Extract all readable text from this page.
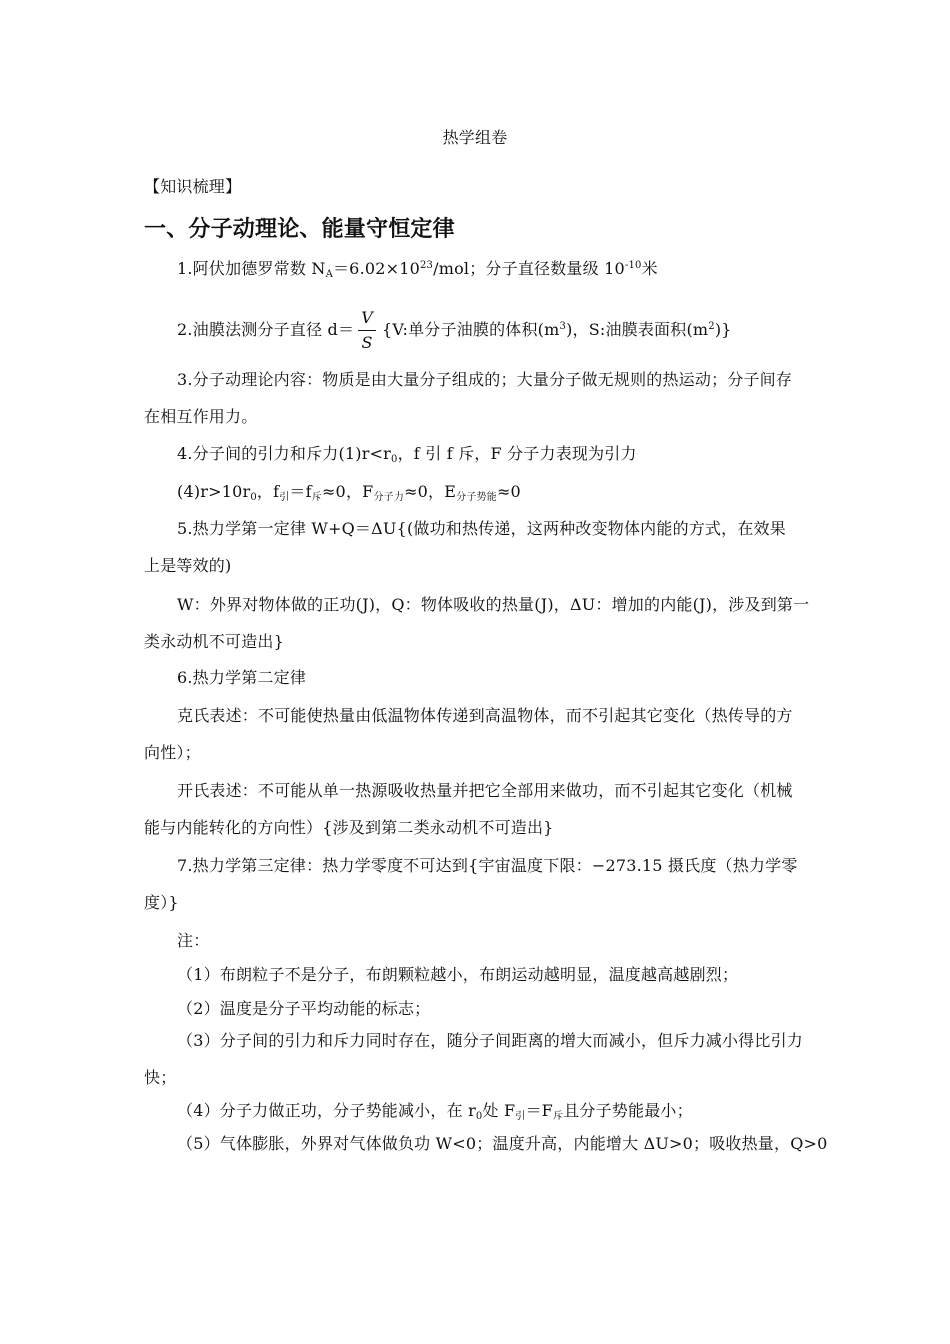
热学组卷
【知识梳理】
一、分子动理论、能量守恒定律
1.阿伏加德罗常数 $N_A=6.02\times 10^{23}$/mol；分子直径数量级 $10^{-10}$米
2.油膜法测分子直径 $d= \frac{V}{S} \{V$:单分子油膜的体积$(m^3)$，S:油膜表面积$(m^2)$}
3.分子动理论内容：物质是由大量分子组成的；大量分子做无规则的热运动；分子间存
在相互作用力。
4.分子间的引力和斥力$(1)r<r_0$，f 引 f 斥，F 分子力表现为引力
$(4)r>10r_0$，$f_引=f_斥\approx 0$，$F_{分子力}\approx 0$，$E_{分子势能}\approx 0$
5.热力学第一定律 W+Q＝ΔU{(做功和热传递，这两种改变物体内能的方式，在效果
上是等效的)
W：外界对物体做的正功(J)，Q：物体吸收的热量(J)，ΔU：增加的内能(J)，涉及到第一
类永动机不可造出}
6.热力学第二定律
克氏表述：不可能使热量由低温物体传递到高温物体，而不引起其它变化（热传导的方
向性）；
开氏表述：不可能从单一热源吸收热量并把它全部用来做功，而不引起其它变化（机械
能与内能转化的方向性）{涉及到第二类永动机不可造出}
7.热力学第三定律：热力学零度不可达到{宇宙温度下限：−273.15 摄氏度（热力学零
度）}
注：
（1）布朗粒子不是分子，布朗颗粒越小，布朗运动越明显，温度越高越剧烈；
（2）温度是分子平均动能的标志；
（3）分子间的引力和斥力同时存在，随分子间距离的增大而减小，但斥力减小得比引力
快；
（4）分子力做正功，分子势能减小，在 $r_0$处 $F_引=F_斥$且分子势能最小；
（5）气体膨胀，外界对气体做负功 W<0；温度升高，内能增大 ΔU>0；吸收热量，Q>0
